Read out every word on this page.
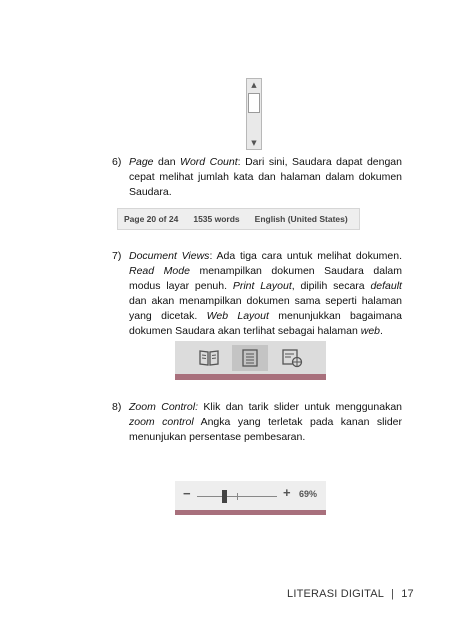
▲
▼
6) Page dan Word Count: Dari sini, Saudara dapat dengan cepat melihat jumlah kata dan halaman dalam dokumen Saudara.
Page 20 of 24 1535 words English (United States)
7) Document Views: Ada tiga cara untuk melihat dokumen. Read Mode menampilkan dokumen Saudara dalam modus layar penuh. Print Layout, dipilih secara default dan akan menampilkan dokumen sama seperti halaman yang dicetak. Web Layout menunjukkan bagaimana dokumen Saudara akan terlihat sebagai halaman web.
8) Zoom Control: Klik dan tarik slider untuk menggunakan zoom control Angka yang terletak pada kanan slider menunjukan persentase pembesaran.
−	+ 69%
LITERASI DIGITAL | 17
